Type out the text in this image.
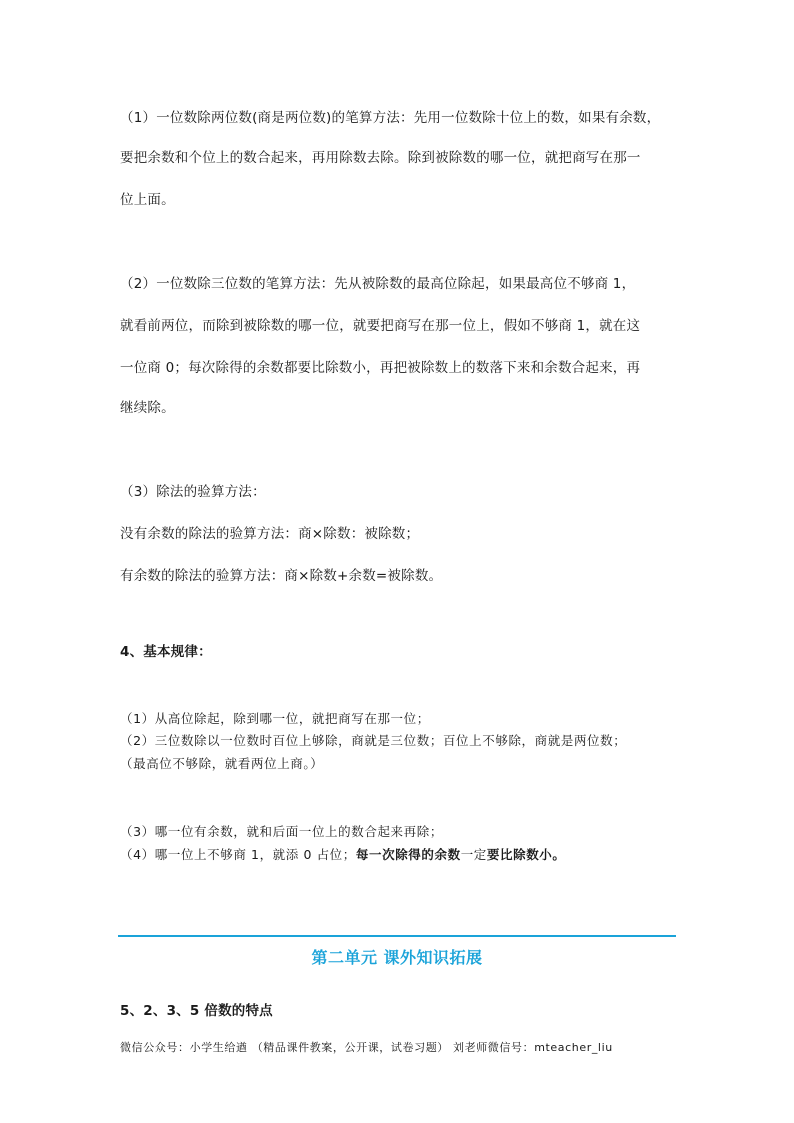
（1）一位数除两位数(商是两位数)的笔算方法：先用一位数除十位上的数，如果有余数，
要把余数和个位上的数合起来，再用除数去除。除到被除数的哪一位，就把商写在那一
位上面。
（2）一位数除三位数的笔算方法：先从被除数的最高位除起，如果最高位不够商 1，
就看前两位，而除到被除数的哪一位，就要把商写在那一位上，假如不够商 1，就在这
一位商 0；每次除得的余数都要比除数小，再把被除数上的数落下来和余数合起来，再
继续除。
（3）除法的验算方法：
没有余数的除法的验算方法：商×除数：被除数；
有余数的除法的验算方法：商×除数+余数=被除数。
4、基本规律：
（1）从高位除起，除到哪一位，就把商写在那一位；
（2）三位数除以一位数时百位上够除，商就是三位数；百位上不够除，商就是两位数；
（最高位不够除，就看两位上商。）
（3）哪一位有余数，就和后面一位上的数合起来再除；
（4）哪一位上不够商 1，就添 0 占位；每一次除得的余数一定要比除数小。
第二单元 课外知识拓展
5、2、3、5 倍数的特点
微信公众号：小学生给遒 （精品课件教案，公开课，试卷习题） 刘老师微信号：mteacher_liu
